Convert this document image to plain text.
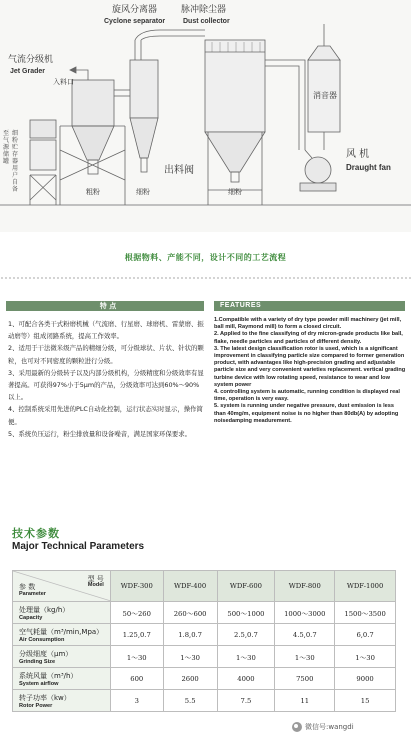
旋风分离器
Cyclone separator
脉冲除尘器
Dust collector
气流分级机
Jet Grader
入料口
消音器
风 机
Draught fan
出料阀
粗粉	细粉	细粉
至气源储罐
细粉贮存器用户自备
根据物料、产能不同，设计不同的工艺流程
特 点	FEATURES

1、可配合各类干式粉磨机械（气流磨、行星磨、球磨机、雷蒙磨、振动磨等）组成闭路系统，提高工作效率。

2、适用于干法微米级产品的精细分级，可分级球状、片状、针状的颗粒，也可对不同密度的颗粒进行分级。

3、采用最新的分级转子以及内部分级机构，分级精度和分级效率有显著提高。可获得97%小于5μm的产品，分级效率可达到60%～90%以上。

4、控制系统采用先进的PLC自动化控制，运行状态实时显示，操作简便。

5、系统负压运行，粉尘排放量和设备噪音，满足国家环保要求。

1.Compatible with a variety of dry type powder mill machinery (jet mill, ball mill, Raymond mill) to form a closed circuit.

2. Applied to the fine classifying of dry micron-grade products like ball, flake, needle particles and particles of different density.

3. The latest design classification rotor is used, which is a significant improvement in classifying particle size compared to former generation product, with advantages like high-precision grading and adjustable particle size and very convenient varieties replacement. vertical grading turbine device with low rotating speed, resistance to wear and low system power

4. controlling system is automatic, running condition is displayed real time, operation is very easy.

5. system is running under negative pressure, dust emission is less than 40mg/m, equipment noise is no higher than 80db(A) by adopting noisedamping meadurement.

技术参数
Major Technical Parameters
型 号
Model
参 数
Parameter	WDF-300	WDF-400	WDF-600	WDF-800	WDF-1000

处理量（kg/h）
Capacity	50～260	260～600	500～1000	1000～3000	1500～3500

空气耗量（m³/min,Mpa）
Air Consumption	1.25,0.7	1.8,0.7	2.5,0.7	4.5,0.7	6,0.7

分级细度（μm）
Grinding Size	1～30	1～30	1～30	1～30	1～30

系统风量（m³/h）
System airflow	600	2600	4000	7500	9000

转子功率（kw）
Rotor Power	3	5.5	7.5	11	15
微信号:wangdi
